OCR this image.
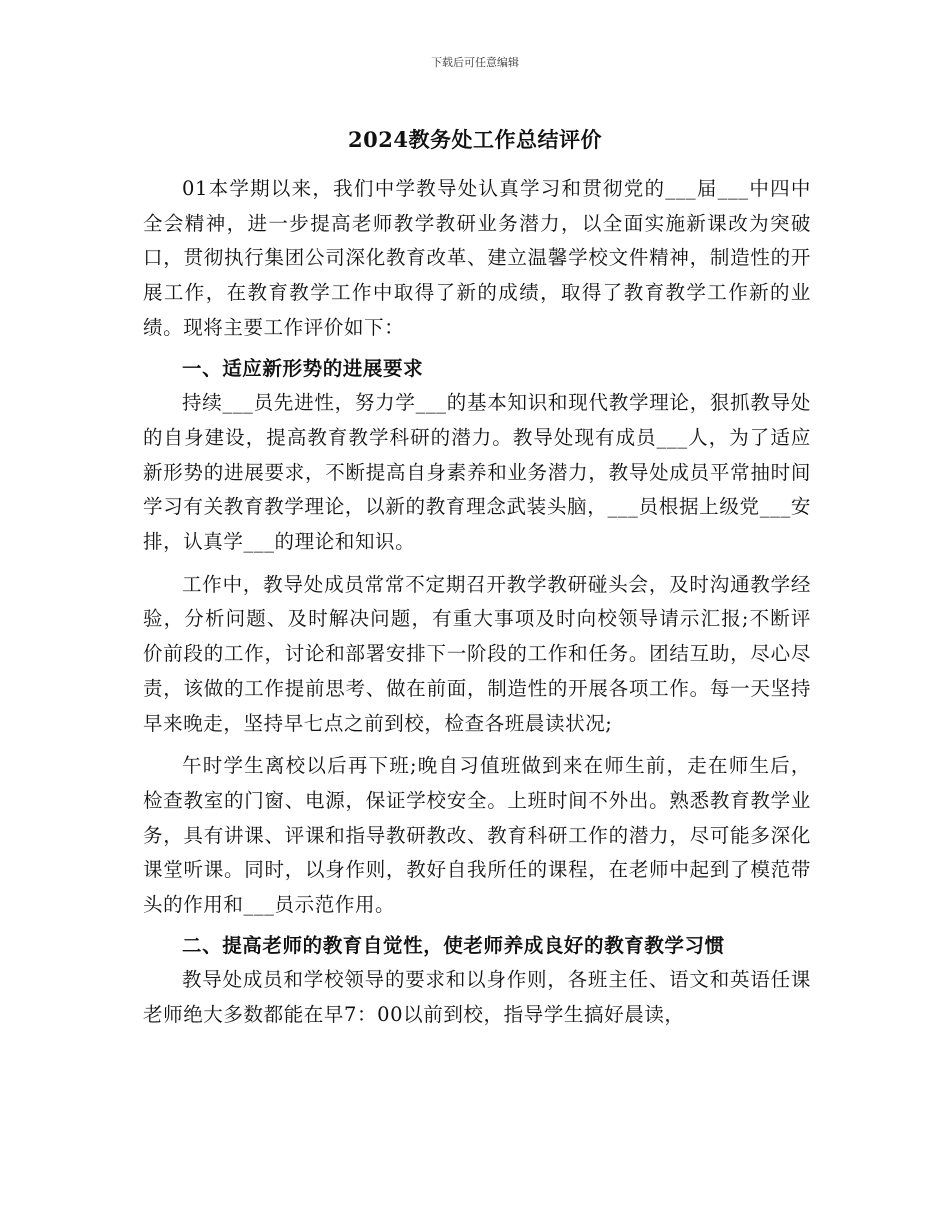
下载后可任意编辑
2024教务处工作总结评价

01本学期以来，我们中学教导处认真学习和贯彻党的___届___中四中全会精神，进一步提高老师教学教研业务潜力，以全面实施新课改为突破口，贯彻执行集团公司深化教育改革、建立温馨学校文件精神，制造性的开展工作，在教育教学工作中取得了新的成绩，取得了教育教学工作新的业绩。现将主要工作评价如下：

一、适应新形势的进展要求

持续___员先进性，努力学___的基本知识和现代教学理论，狠抓教导处的自身建设，提高教育教学科研的潜力。教导处现有成员___人，为了适应新形势的进展要求，不断提高自身素养和业务潜力，教导处成员平常抽时间学习有关教育教学理论，以新的教育理念武装头脑，___员根据上级党___安排，认真学___的理论和知识。

工作中，教导处成员常常不定期召开教学教研碰头会，及时沟通教学经验，分析问题、及时解决问题，有重大事项及时向校领导请示汇报;不断评价前段的工作，讨论和部署安排下一阶段的工作和任务。团结互助，尽心尽责，该做的工作提前思考、做在前面，制造性的开展各项工作。每一天坚持早来晚走，坚持早七点之前到校，检查各班晨读状况;

午时学生离校以后再下班;晚自习值班做到来在师生前，走在师生后，检查教室的门窗、电源，保证学校安全。上班时间不外出。熟悉教育教学业务，具有讲课、评课和指导教研教改、教育科研工作的潜力，尽可能多深化课堂听课。同时，以身作则，教好自我所任的课程，在老师中起到了模范带头的作用和___员示范作用。

二、提高老师的教育自觉性，使老师养成良好的教育教学习惯

教导处成员和学校领导的要求和以身作则，各班主任、语文和英语任课老师绝大多数都能在早7：00以前到校，指导学生搞好晨读，
